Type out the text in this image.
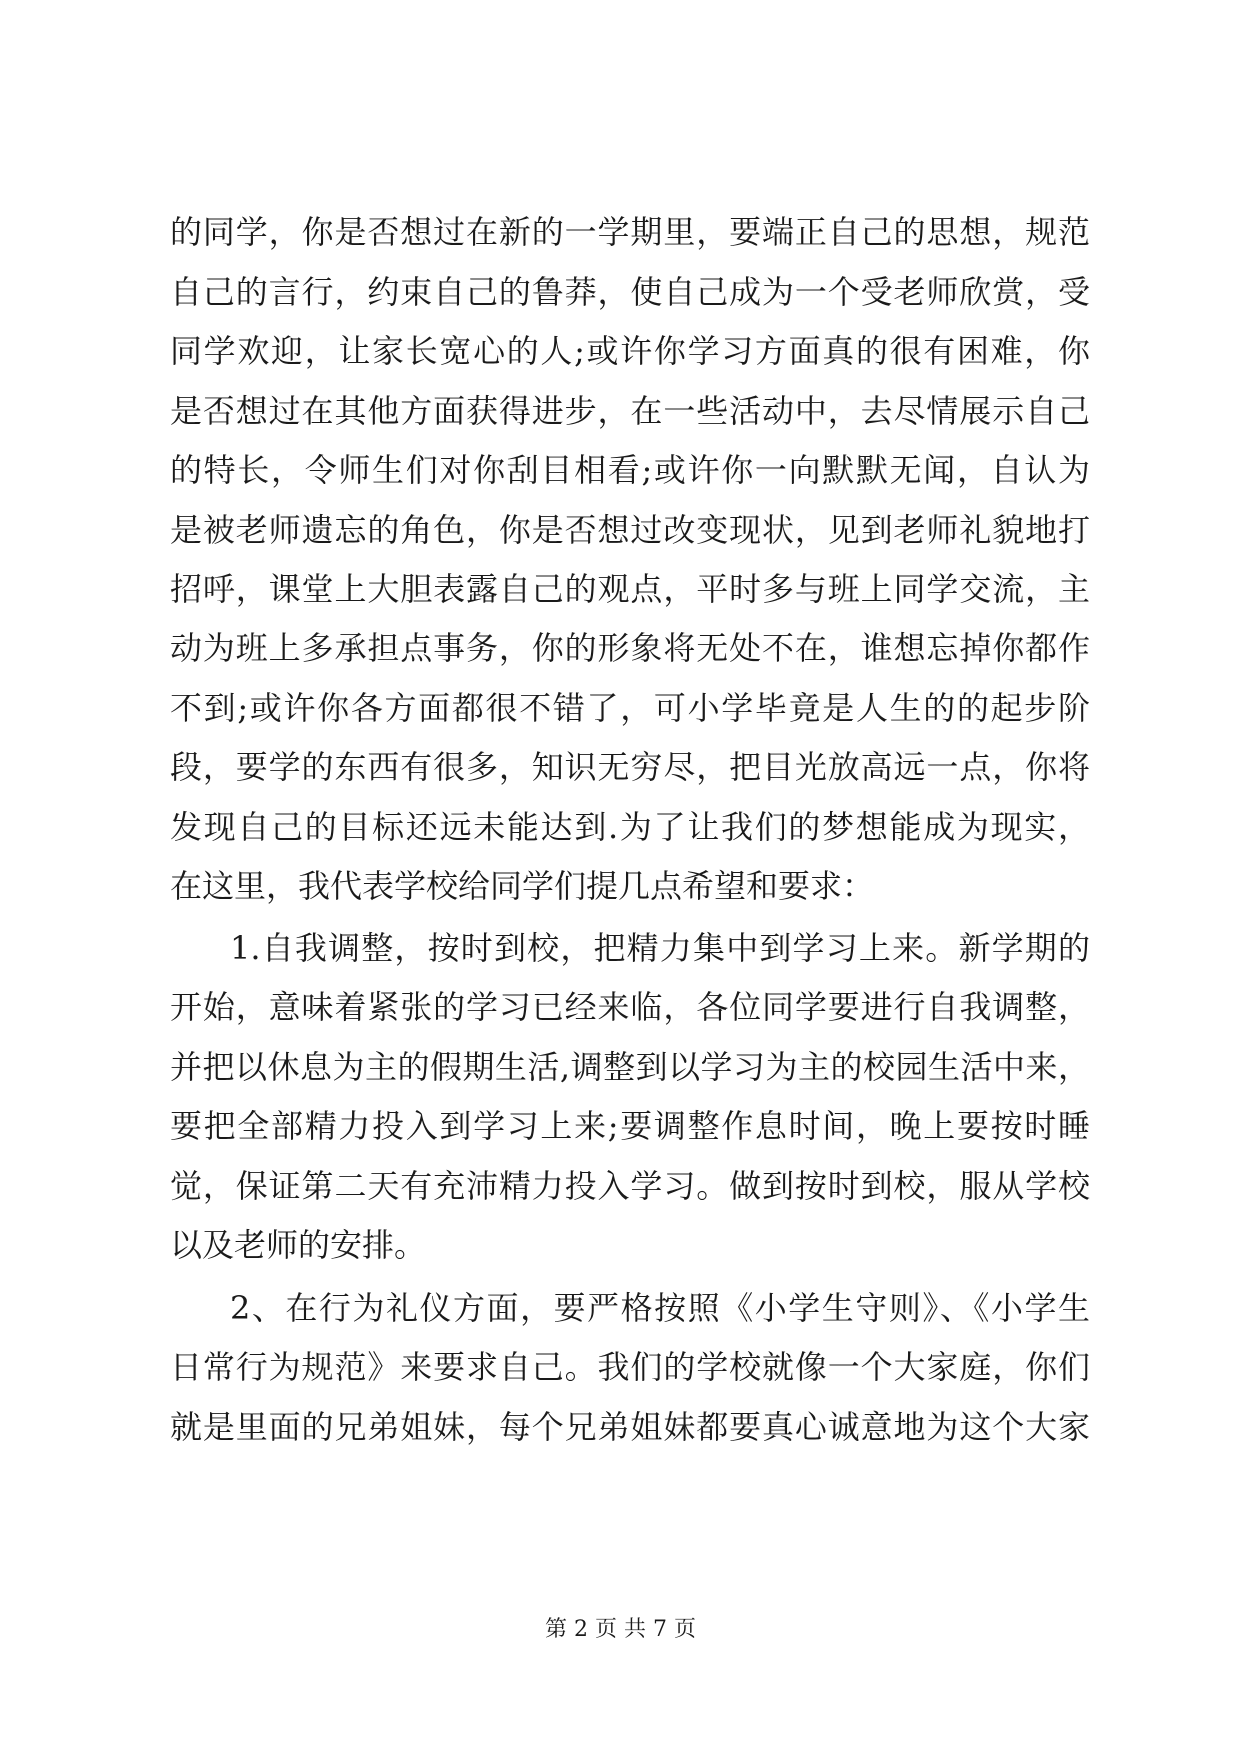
的同学，你是否想过在新的一学期里，要端正自己的思想，规范
自己的言行，约束自己的鲁莽，使自己成为一个受老师欣赏，受
同学欢迎，让家长宽心的人;或许你学习方面真的很有困难，你
是否想过在其他方面获得进步，在一些活动中，去尽情展示自己
的特长，令师生们对你刮目相看;或许你一向默默无闻，自认为
是被老师遗忘的角色，你是否想过改变现状，见到老师礼貌地打
招呼，课堂上大胆表露自己的观点，平时多与班上同学交流，主
动为班上多承担点事务，你的形象将无处不在，谁想忘掉你都作
不到;或许你各方面都很不错了，可小学毕竟是人生的的起步阶
段，要学的东西有很多，知识无穷尽，把目光放高远一点，你将
发现自己的目标还远未能达到.为了让我们的梦想能成为现实，
在这里，我代表学校给同学们提几点希望和要求：
1.自我调整，按时到校，把精力集中到学习上来。新学期的
开始，意味着紧张的学习已经来临，各位同学要进行自我调整，
并把以休息为主的假期生活,调整到以学习为主的校园生活中来，
要把全部精力投入到学习上来;要调整作息时间，晚上要按时睡
觉，保证第二天有充沛精力投入学习。做到按时到校，服从学校
以及老师的安排。
2、在行为礼仪方面，要严格按照《小学生守则》、《小学生
日常行为规范》来要求自己。我们的学校就像一个大家庭，你们
就是里面的兄弟姐妹，每个兄弟姐妹都要真心诚意地为这个大家
第 2 页 共 7 页
